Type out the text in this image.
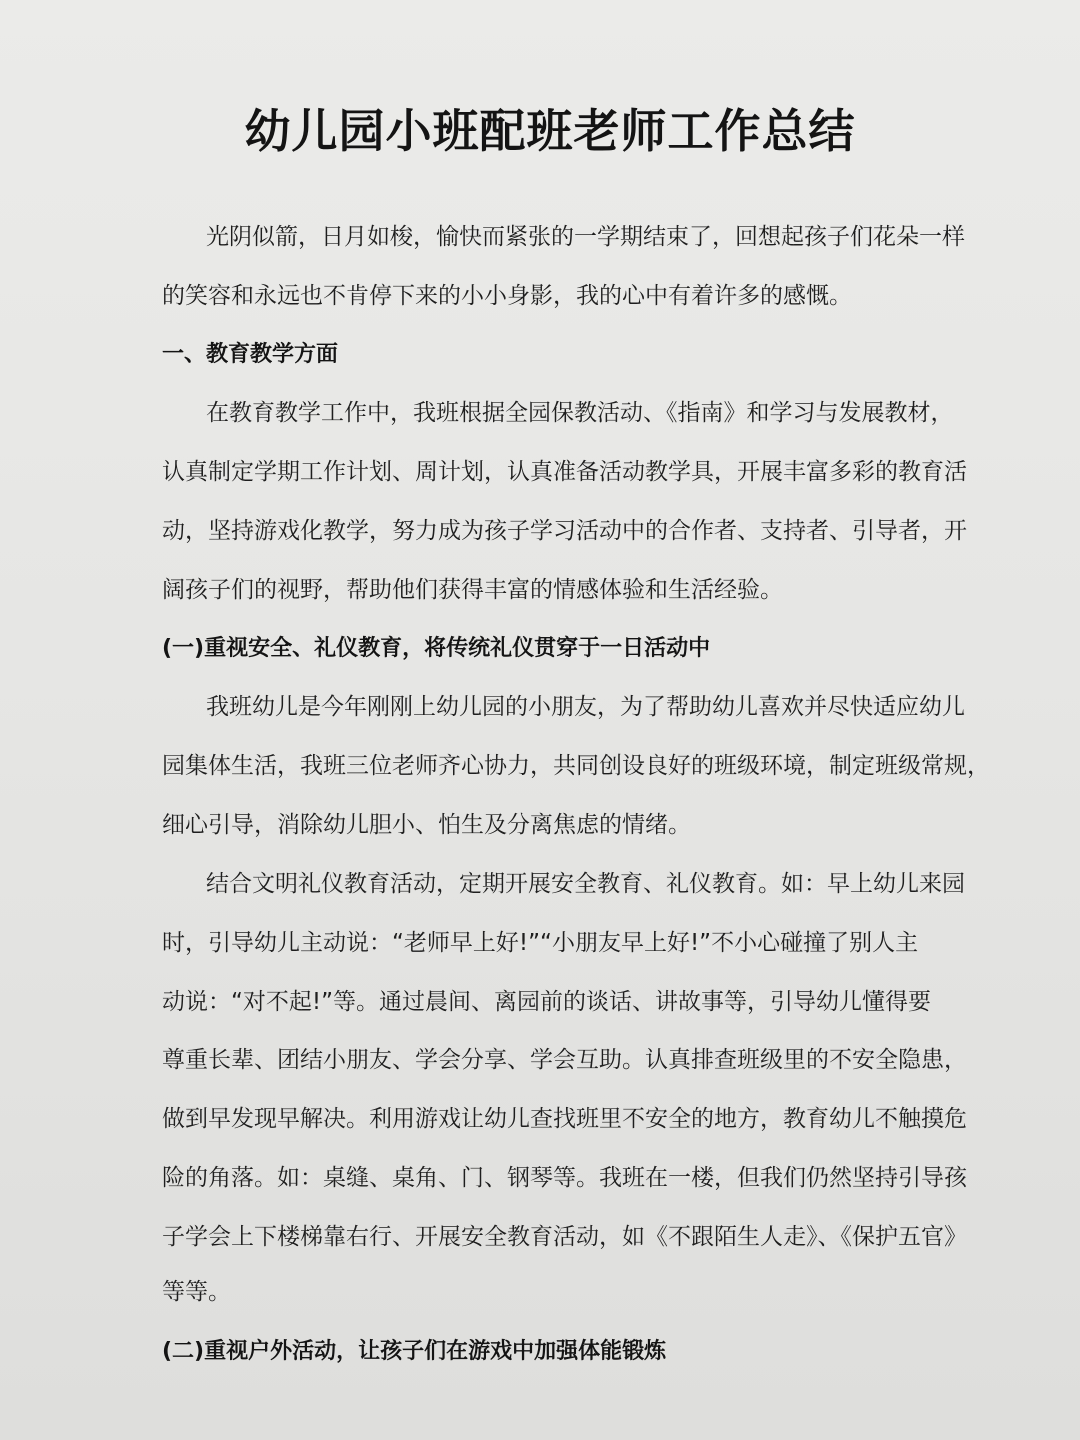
幼儿园小班配班老师工作总结
光阴似箭，日月如梭，愉快而紧张的一学期结束了，回想起孩子们花朵一样
的笑容和永远也不肯停下来的小小身影，我的心中有着许多的感慨。
一、教育教学方面
在教育教学工作中，我班根据全园保教活动、《指南》和学习与发展教材，
认真制定学期工作计划、周计划，认真准备活动教学具，开展丰富多彩的教育活
动，坚持游戏化教学，努力成为孩子学习活动中的合作者、支持者、引导者，开
阔孩子们的视野，帮助他们获得丰富的情感体验和生活经验。
(一)重视安全、礼仪教育，将传统礼仪贯穿于一日活动中
我班幼儿是今年刚刚上幼儿园的小朋友，为了帮助幼儿喜欢并尽快适应幼儿
园集体生活，我班三位老师齐心协力，共同创设良好的班级环境，制定班级常规，
细心引导，消除幼儿胆小、怕生及分离焦虑的情绪。
结合文明礼仪教育活动，定期开展安全教育、礼仪教育。如：早上幼儿来园
时，引导幼儿主动说：“老师早上好!”“小朋友早上好!”不小心碰撞了别人主
动说：“对不起!”等。通过晨间、离园前的谈话、讲故事等，引导幼儿懂得要
尊重长辈、团结小朋友、学会分享、学会互助。认真排查班级里的不安全隐患，
做到早发现早解决。利用游戏让幼儿查找班里不安全的地方，教育幼儿不触摸危
险的角落。如：桌缝、桌角、门、钢琴等。我班在一楼，但我们仍然坚持引导孩
子学会上下楼梯靠右行、开展安全教育活动，如《不跟陌生人走》、《保护五官》
等等。
(二)重视户外活动，让孩子们在游戏中加强体能锻炼
